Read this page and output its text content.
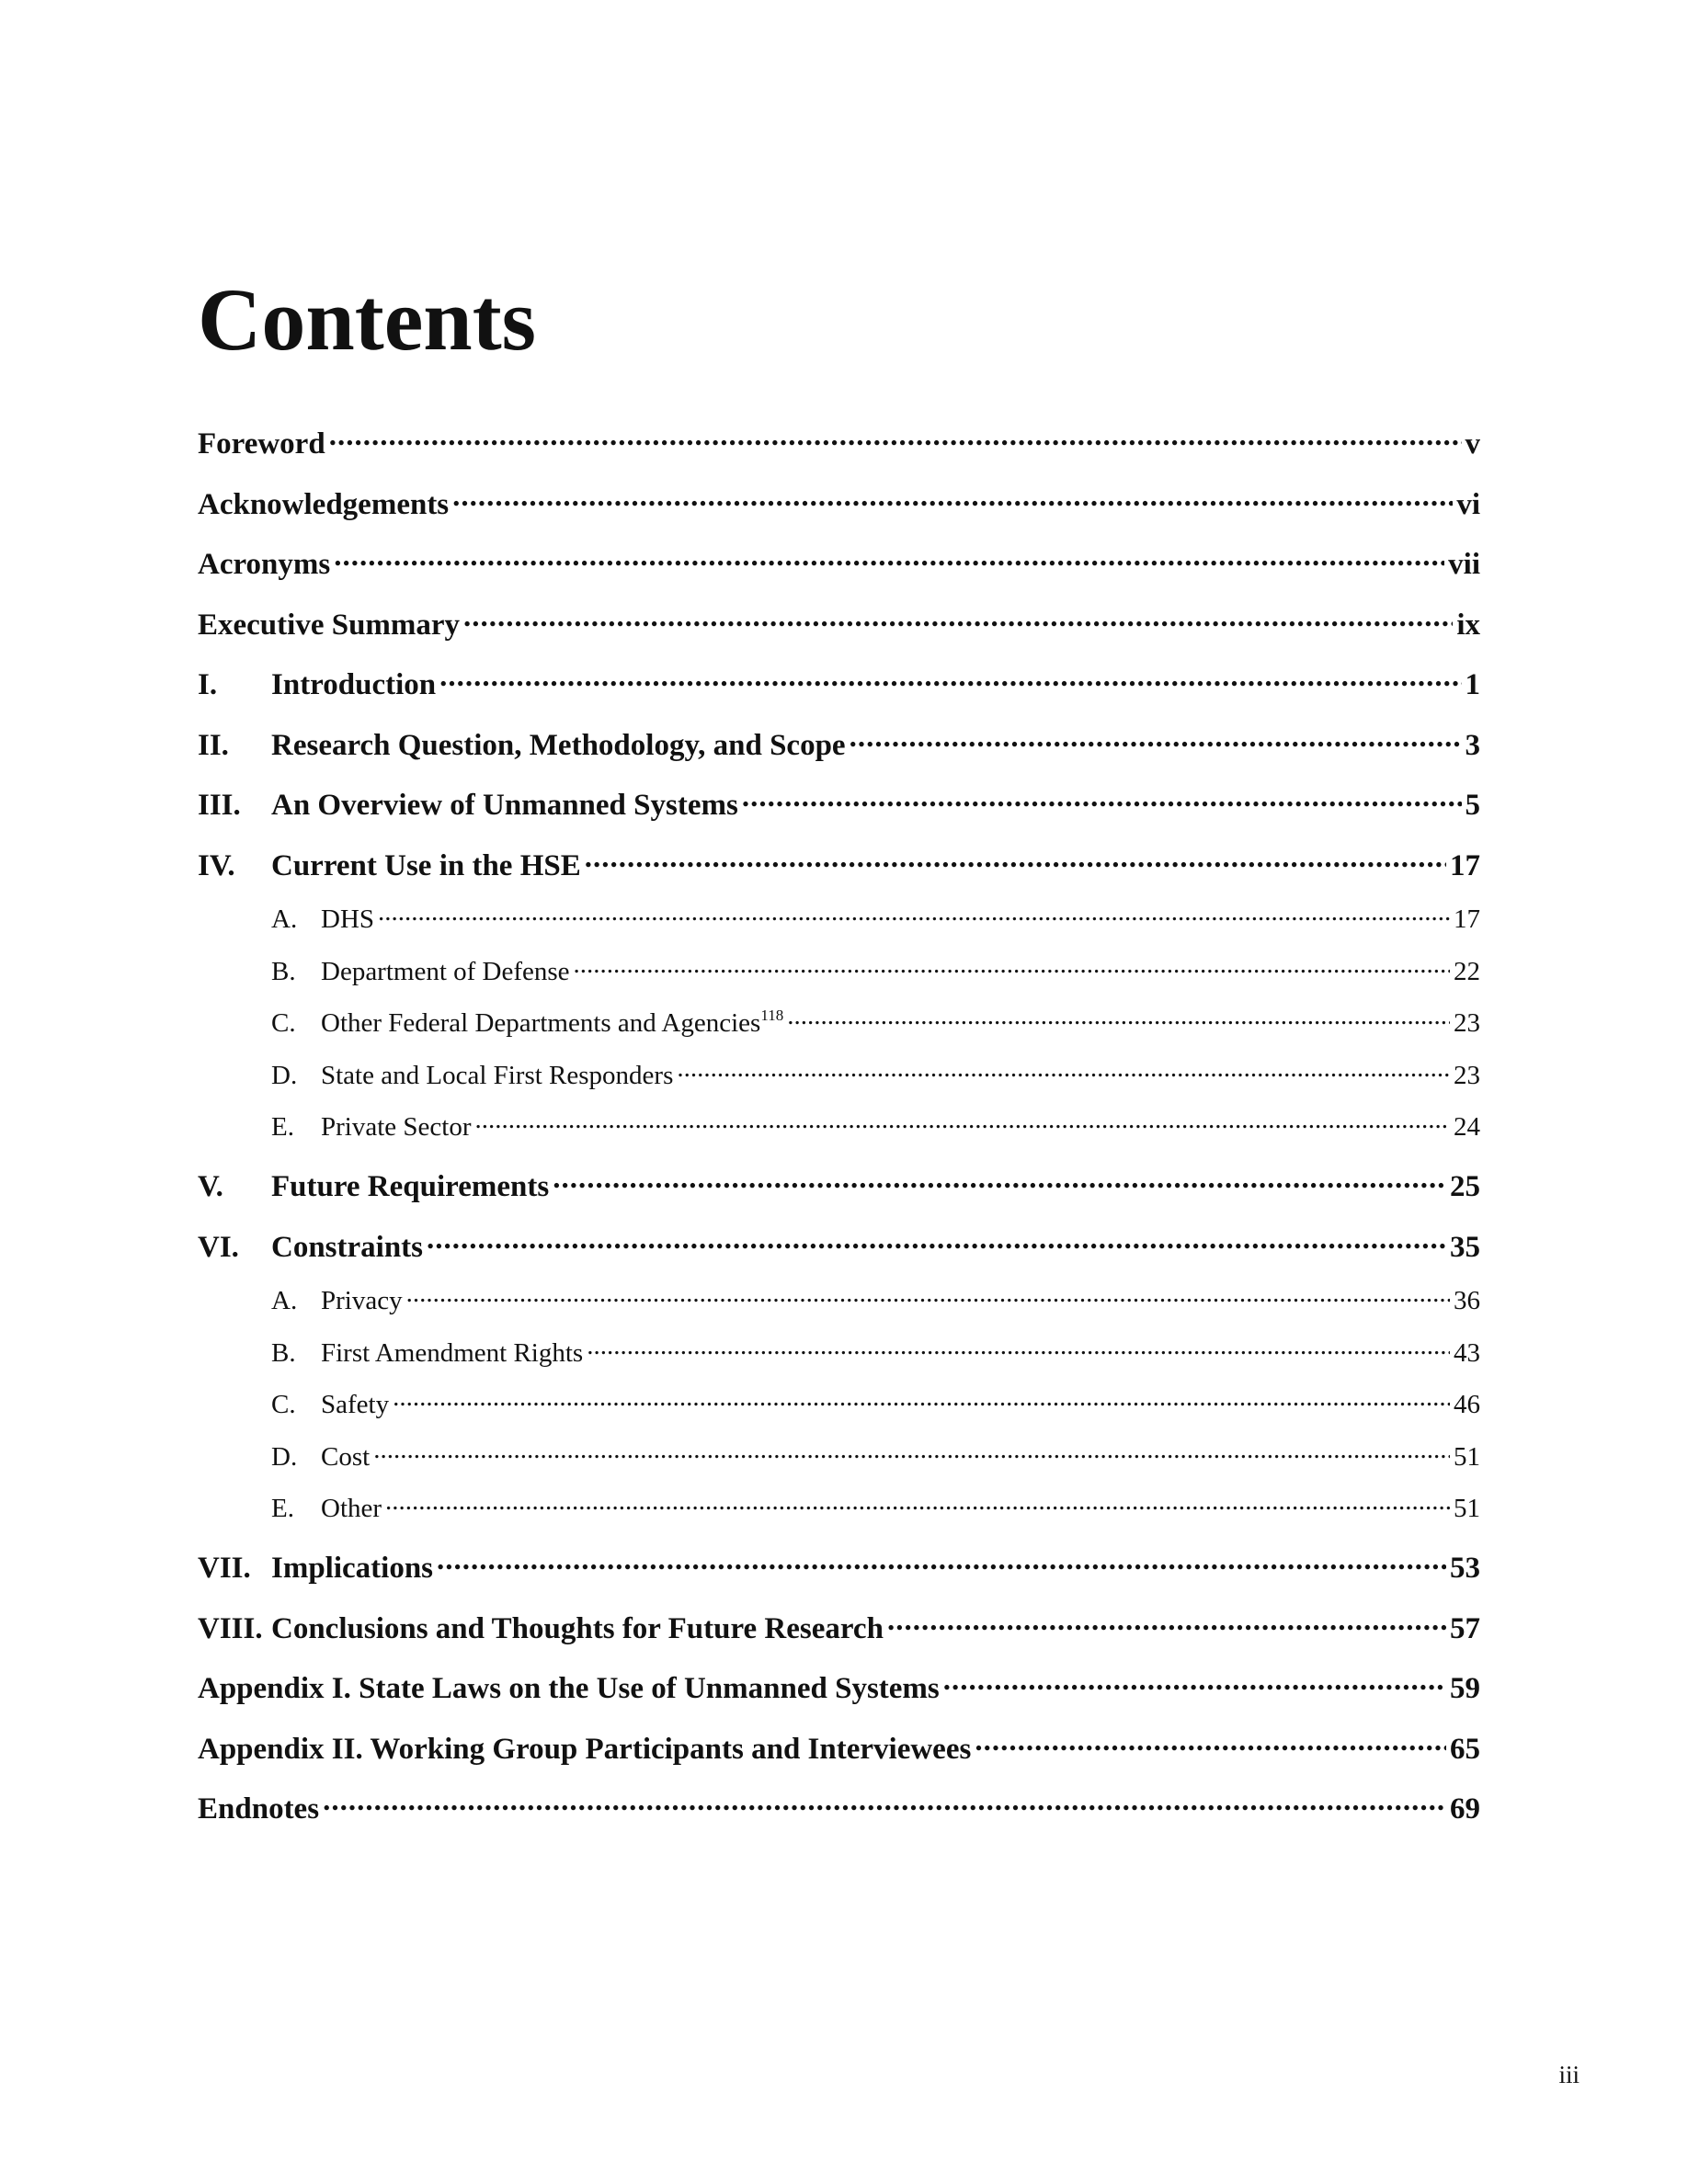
Contents
Foreword .....	v
Acknowledgements .....	vi
Acronyms .....	vii
Executive Summary .....	ix
I.	Introduction .....	1
II.	Research Question, Methodology, and Scope .....	3
III.	An Overview of Unmanned Systems .....	5
IV.	Current Use in the HSE .....	17
A. DHS .....	17
B. Department of Defense .....	22
C. Other Federal Departments and Agencies$^{118}$ .....	23
D. State and Local First Responders .....	23
E.	Private Sector .....	24
V.	Future Requirements .....	25
VI.	Constraints .....	35
A. Privacy .....	36
B. First Amendment Rights .....	43
C. Safety .....	46
D. Cost .....	51
E.	Other .....	51
VII. Implications .....	53
VIII. Conclusions and Thoughts for Future Research .....	57
Appendix I. State Laws on the Use of Unmanned Systems .....	59
Appendix II. Working Group Participants and Interviewees .....	65
Endnotes .....	69
iii
